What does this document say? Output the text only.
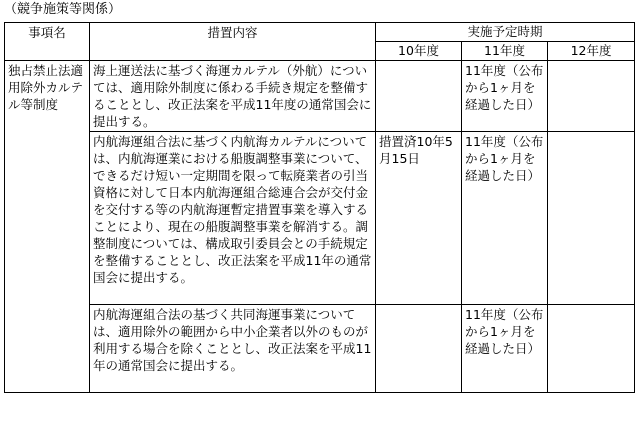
（競争施策等関係）
事項名	措置内容	実施予定時期		
		10年度	11年度	12年度
独占禁止法適用除外カルテル等制度	海上運送法に基づく海運カルテル（外航）については、適用除外制度に係わる手続き規定を整備することとし、改正法案を平成11年度の通常国会に提出する。		11年度（公布から1ヶ月を経過した日）	
	内航海運組合法に基づく内航海カルテルについては、内航海運業における船腹調整事業について、できるだけ短い一定期間を限って転廃業者の引当資格に対して日本内航海運組合総連合会が交付金を交付する等の内航海運暫定措置事業を導入することにより、現在の船腹調整事業を解消する。調整制度については、構成取引委員会との手続規定を整備することとし、改正法案を平成11年の通常国会に提出する。	措置済10年5月15日	11年度（公布から1ヶ月を経過した日）	
	内航海運組合法の基づく共同海運事業については、適用除外の範囲から中小企業者以外のものが利用する場合を除くこととし、改正法案を平成11年の通常国会に提出する。		11年度（公布から1ヶ月を経過した日）	
